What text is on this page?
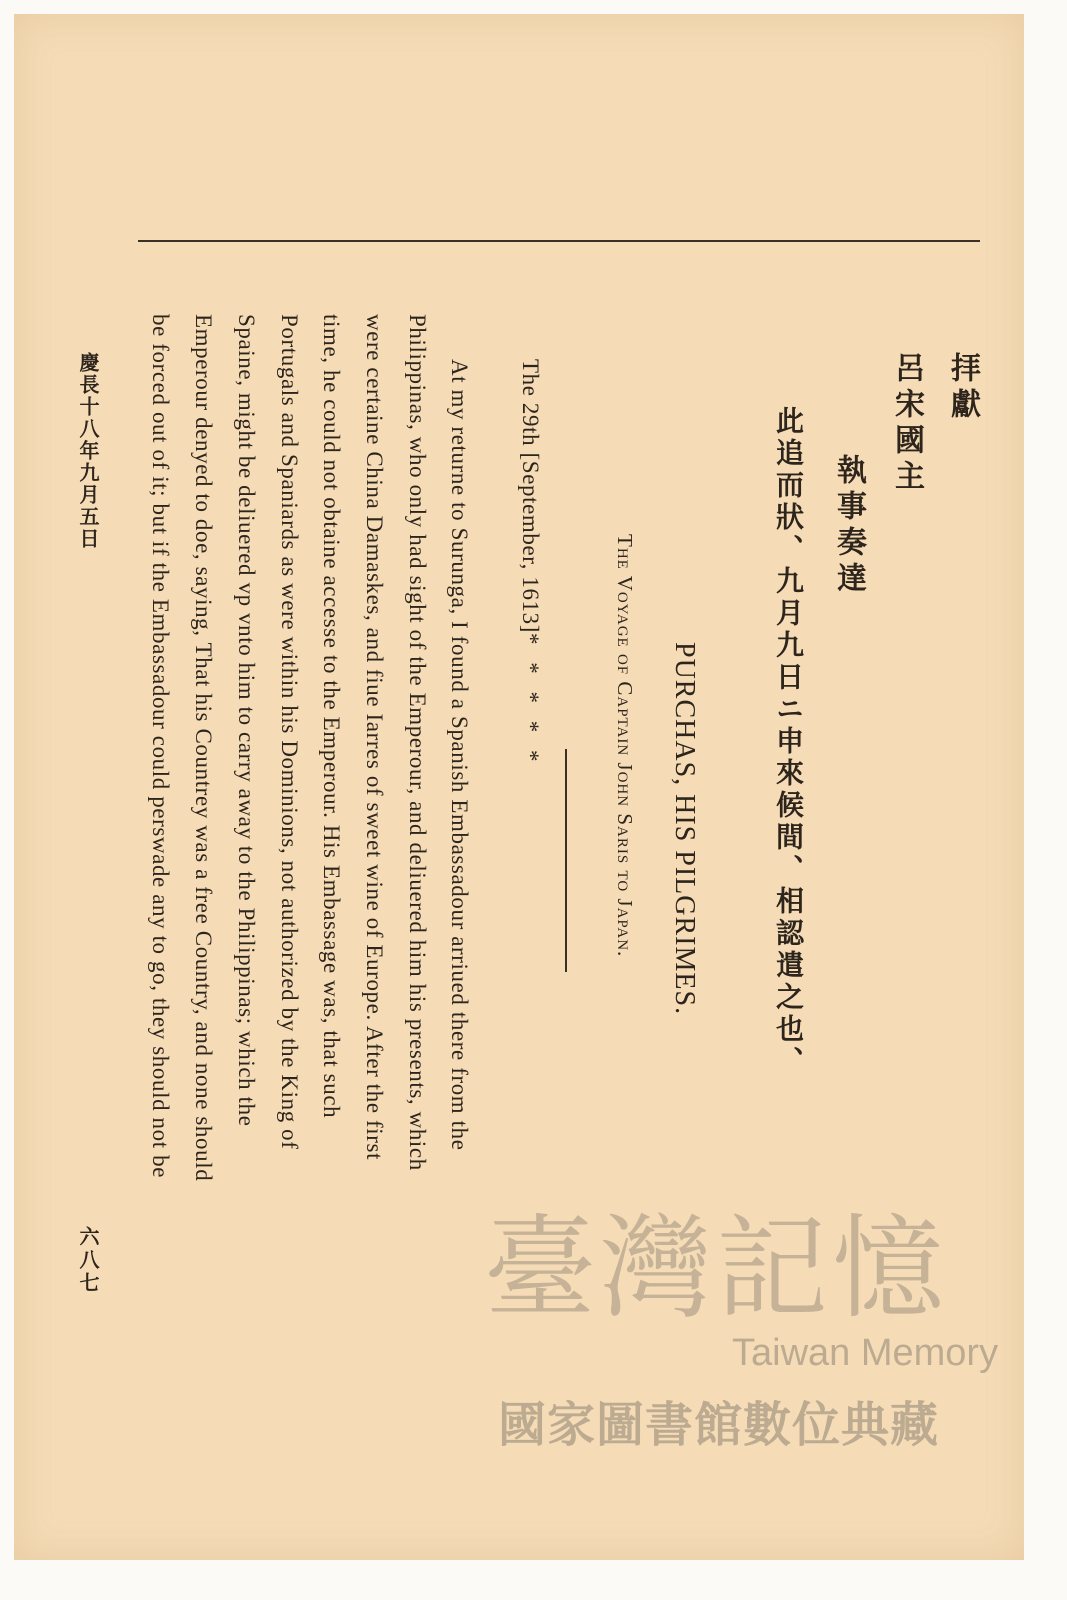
拝獻
呂宋國主
執事奏達
此追而狀、九月九日ニ申來候間、相認遣之也、
PURCHAS, HIS PILGRIMES.
The Voyage of Captain John Saris to Japan.
The 29th [September, 1613]* * * * *
At my returne to Surunga, I found a Spanish Embassadour arriued there from the
Philippinas, who only had sight of the Emperour, and deliuered him his presents, which
were certaine China Damaskes, and fiue Iarres of sweet wine of Europe. After the first
time, he could not obtaine accesse to the Emperour. His Embassage was, that such
Portugals and Spaniards as were within his Dominions, not authorized by the King of
Spaine, might be deliuered vp vnto him to carry away to the Philippinas; which the
Emperour denyed to doe, saying, That his Countrey was a free Country, and none should
be forced out of it; but if the Embassadour could perswade any to go, they should not be
慶長十八年九月五日
六八七	臺灣記憶
Taiwan Memory
國家圖書館數位典藏
